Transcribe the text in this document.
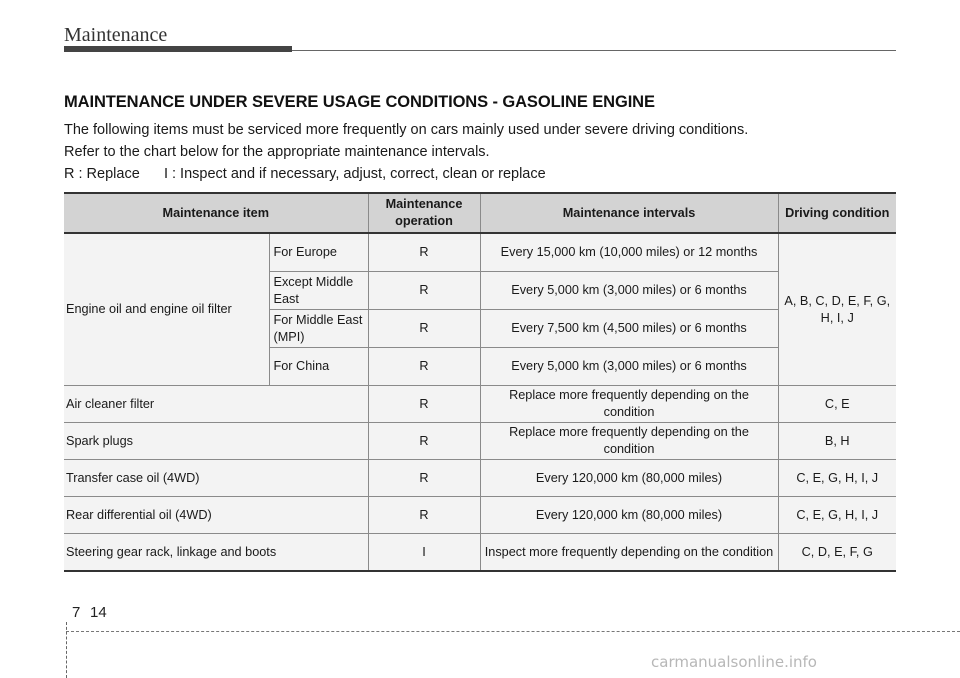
Maintenance
MAINTENANCE UNDER SEVERE USAGE CONDITIONS - GASOLINE ENGINE

The following items must be serviced more frequently on cars mainly used under severe driving conditions.

Refer to the chart below for the appropriate maintenance intervals.

R : Replace I : Inspect and if necessary, adjust, correct, clean or replace

Maintenance item		Maintenance operation	Maintenance intervals	Driving condition
Engine oil and engine oil filter	For Europe	R	Every 15,000 km (10,000 miles) or 12 months	A, B, C, D, E, F, G, H, I, J
	Except Middle East	R	Every 5,000 km (3,000 miles) or 6 months	
	For Middle East (MPI)	R	Every 7,500 km (4,500 miles) or 6 months	
	For China	R	Every 5,000 km (3,000 miles) or 6 months	
Air cleaner filter		R	Replace more frequently depending on the condition	C, E
Spark plugs		R	Replace more frequently depending on the condition	B, H
Transfer case oil (4WD)		R	Every 120,000 km (80,000 miles)	C, E, G, H, I, J
Rear differential oil (4WD)		R	Every 120,000 km (80,000 miles)	C, E, G, H, I, J
Steering gear rack, linkage and boots		I	Inspect more frequently depending on the condition	C, D, E, F, G
7 14
carmanualsonline.info
